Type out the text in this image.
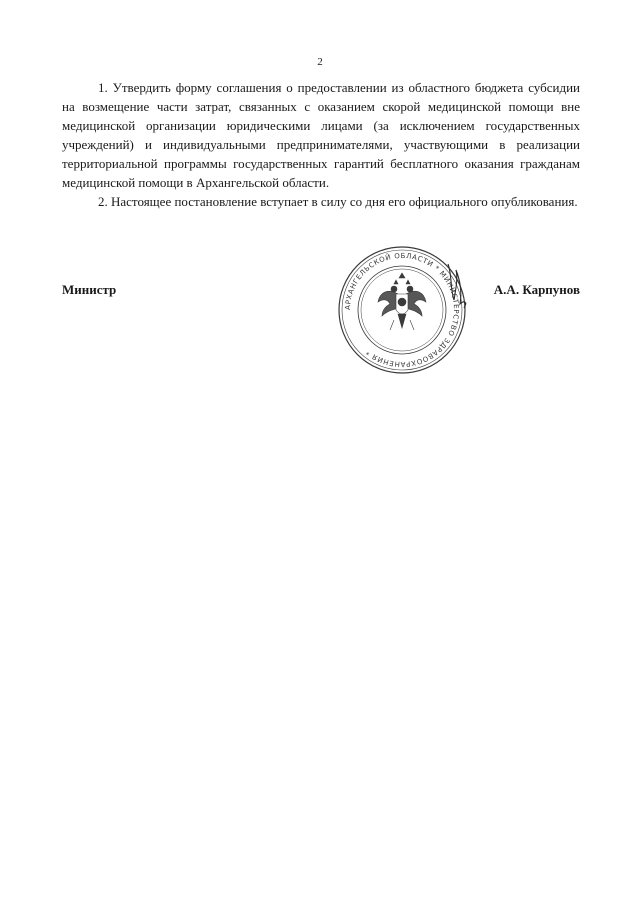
2

1. Утвердить форму соглашения о предоставлении из областного бюджета субсидии на возмещение части затрат, связанных с оказанием скорой медицинской помощи вне медицинской организации юридическими лицами (за исключением государственных учреждений) и индивидуальными предпринимателями, участвующими в реализации территориальной программы государственных гарантий бесплатного оказания гражданам медицинской помощи в Архангельской области.

2. Настоящее постановление вступает в силу со дня его официального опубликования.

Министр	А.А. Карпунов
АРХАНГЕЛЬСКОЙ ОБЛАСТИ * МИНИСТЕРСТВО ЗДРАВООХРАНЕНИЯ *
